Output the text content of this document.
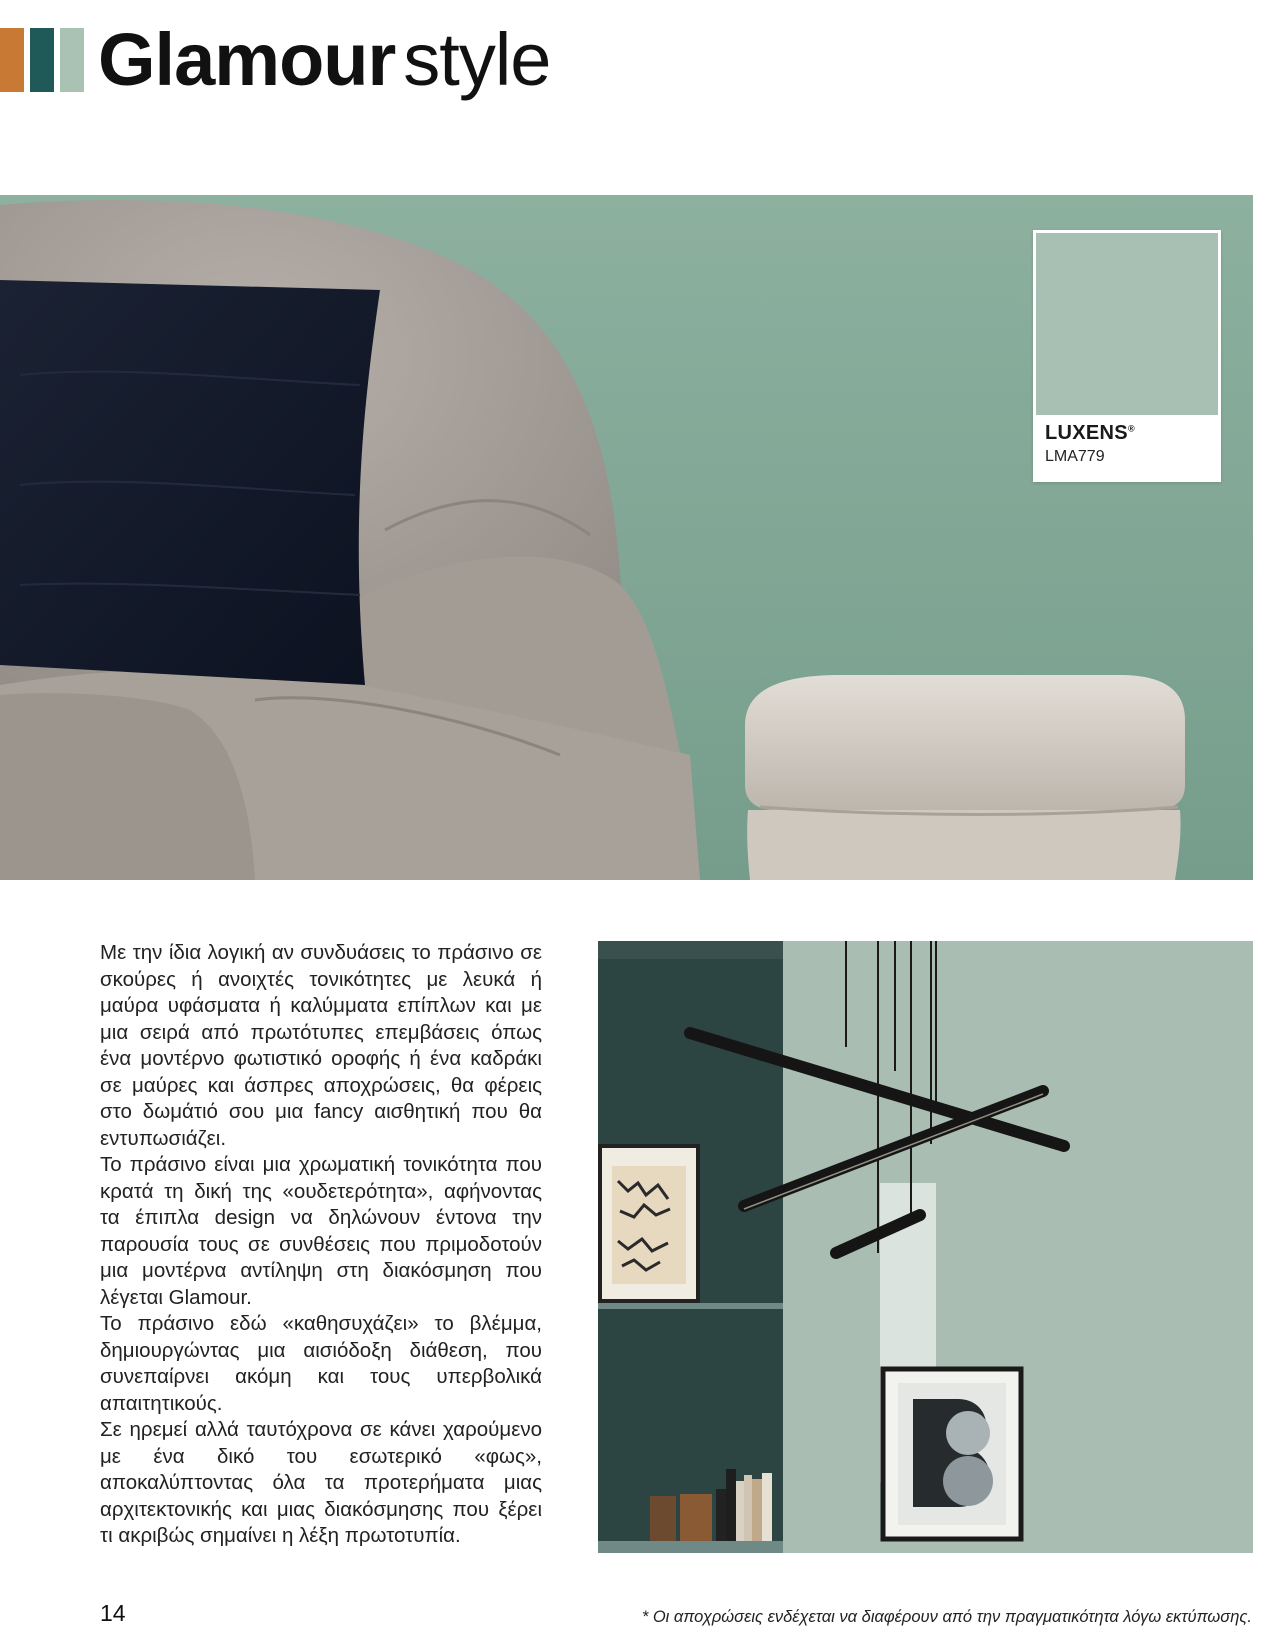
Glamour style
LUXENS®
LMA779

Με την ίδια λογική αν συνδυάσεις το πράσινο σε σκούρες ή ανοιχτές τονικότητες με λευκά ή μαύρα υφάσματα ή καλύμματα επίπλων και με μια σειρά από πρωτότυπες επεμβάσεις όπως ένα μοντέρνο φωτιστικό οροφής ή ένα καδράκι σε μαύρες και άσπρες αποχρώσεις, θα φέρεις στο δωμάτιό σου μια fancy αισθητική που θα εντυπωσιάζει.

Το πράσινο είναι μια χρωματική τονικότητα που κρατά τη δική της «ουδετερότητα», αφήνοντας τα έπιπλα design να δηλώνουν έντονα την παρουσία τους σε συνθέσεις που πριμοδοτούν μια μοντέρνα αντίληψη στη διακόσμηση που λέγεται Glamour.

Το πράσινο εδώ «καθησυχάζει» το βλέμμα, δημιουργώντας μια αισιόδοξη διάθεση, που συνεπαίρνει ακόμη και τους υπερβολικά απαιτητικούς.

Σε ηρεμεί αλλά ταυτόχρονα σε κάνει χαρούμενο με ένα δικό του εσωτερικό «φως», αποκαλύπτοντας όλα τα προτερήματα μιας αρχιτεκτονικής και μιας διακόσμησης που ξέρει τι ακριβώς σημαίνει η λέξη πρωτοτυπία.

14	* Οι αποχρώσεις ενδέχεται να διαφέρουν από την πραγματικότητα λόγω εκτύπωσης.
